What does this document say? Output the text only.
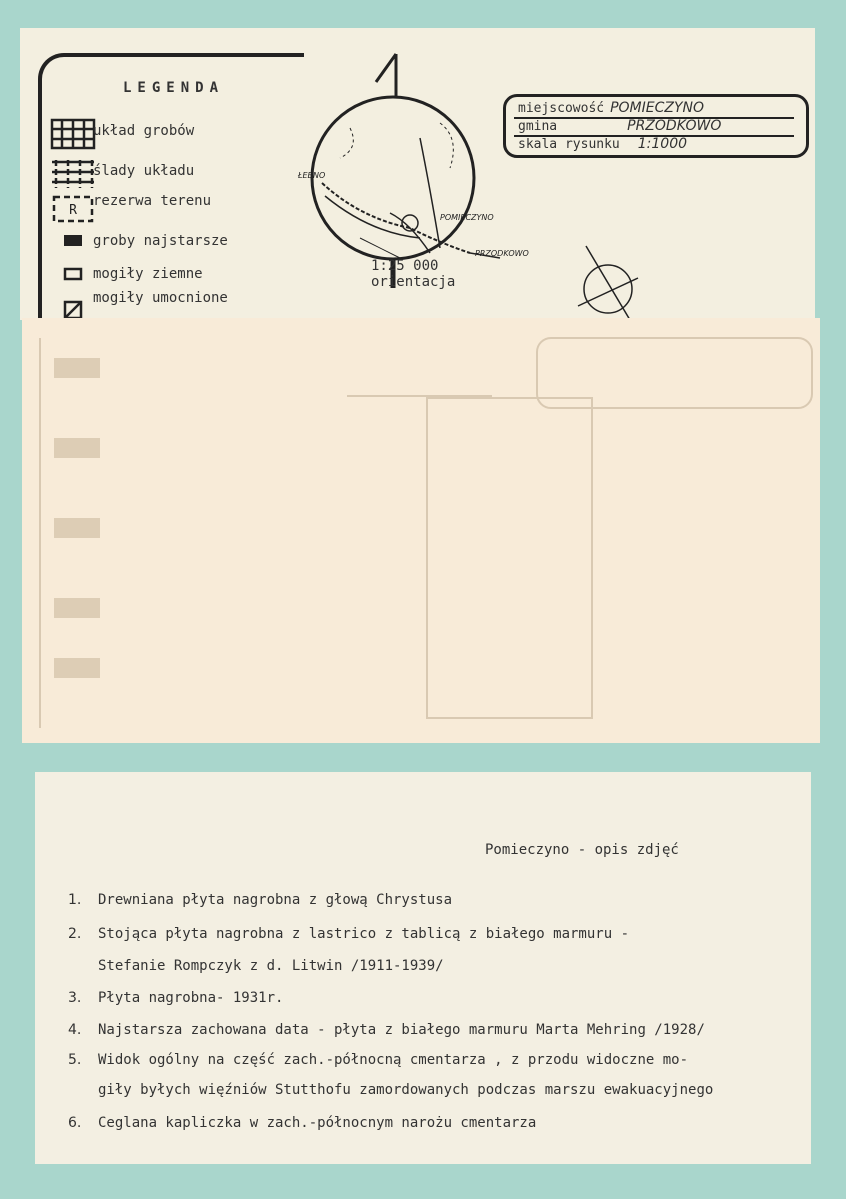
LEGENDA
układ grobów
ślady układu
R
rezerwa terenu
groby najstarsze
mogiły ziemne
mogiły umocnione
ŁEBNO
POMIECZYNO
PRZODKOWO
1:25 000
orientacja
miejscowość POMIECZYNO
gmina	PRZODKOWO
skala rysunku 1:1000
Pomieczyno - opis zdjęć
1. Drewniana płyta nagrobna z głową Chrystusa
2. Stojąca płyta nagrobna z lastrico z tablicą z białego marmuru -
Stefanie Rompczyk z d. Litwin /1911-1939/
3. Płyta nagrobna- 1931r.
4. Najstarsza zachowana data - płyta z białego marmuru Marta Mehring /1928/
5. Widok ogólny na część zach.-północną cmentarza , z przodu widoczne mo-
giły byłych więźniów Stutthofu zamordowanych podczas marszu ewakuacyjnego
6. Ceglana kapliczka w zach.-północnym narożu cmentarza
